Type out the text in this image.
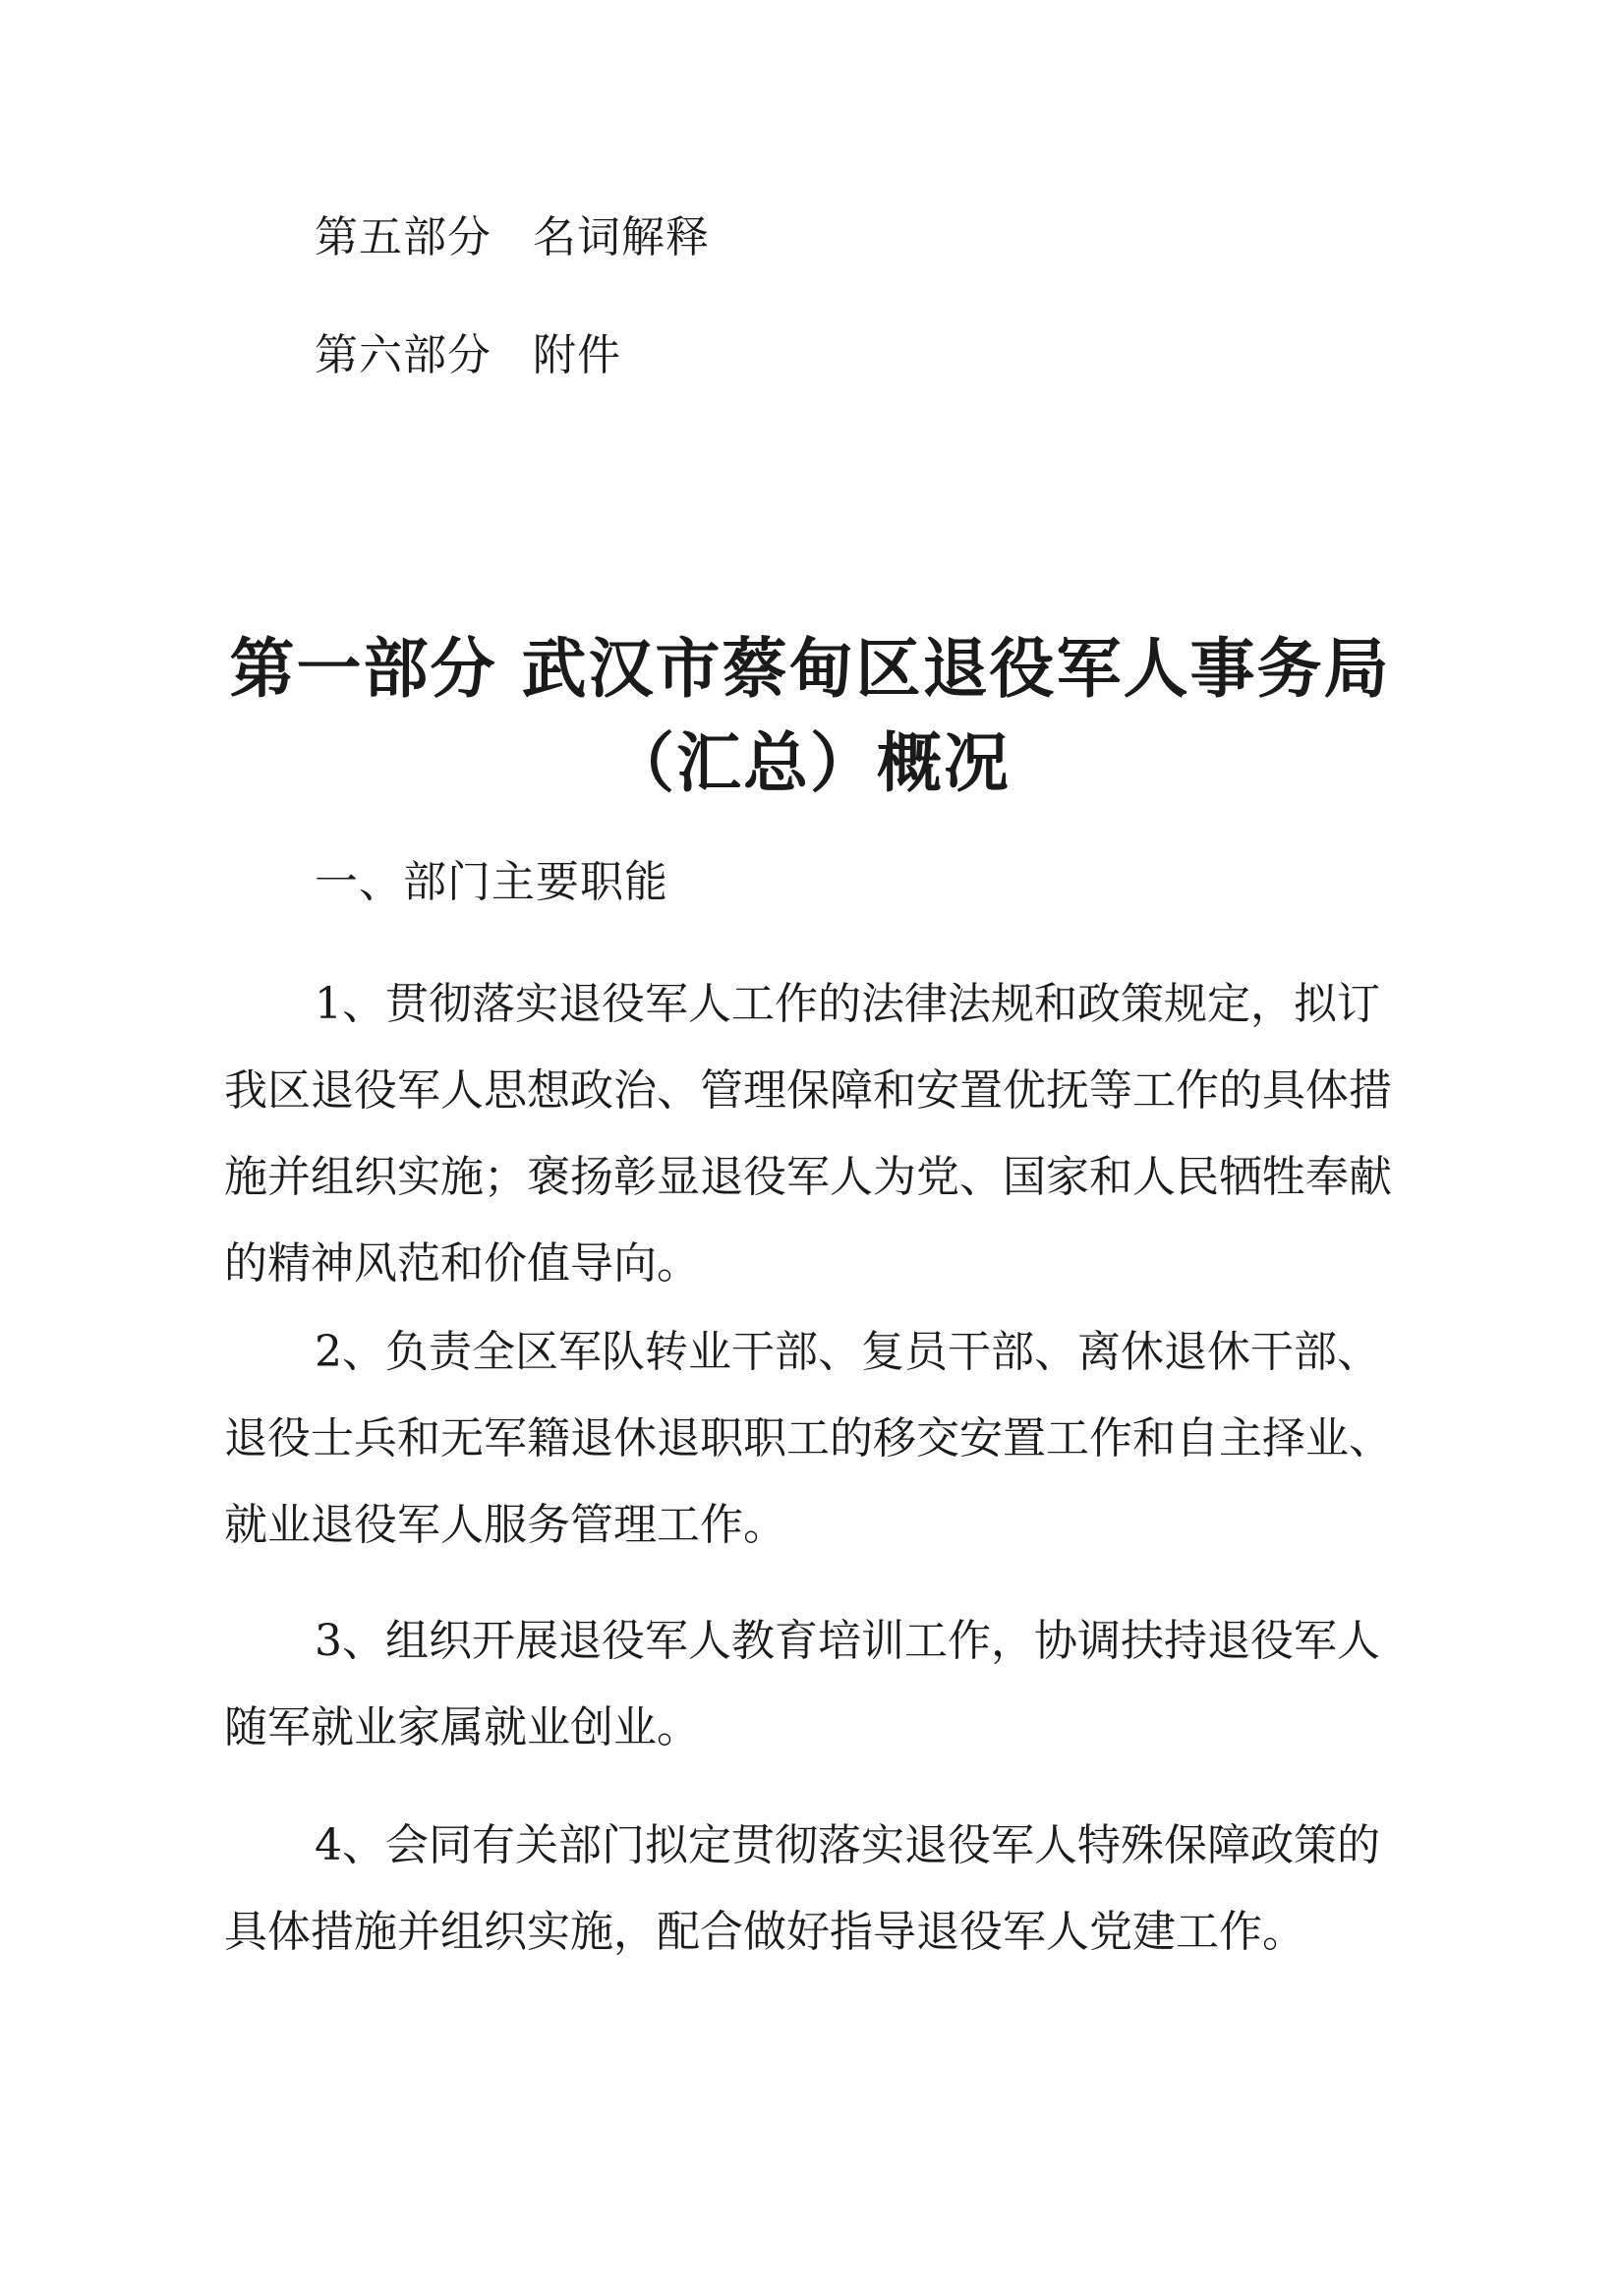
第五部分 名词解释
第六部分 附件
第一部分 武汉市蔡甸区退役军人事务局
（汇总）概况
一、部门主要职能
1、贯彻落实退役军人工作的法律法规和政策规定，拟订
我区退役军人思想政治、管理保障和安置优抚等工作的具体措
施并组织实施；褒扬彰显退役军人为党、国家和人民牺牲奉献
的精神风范和价值导向。
2、负责全区军队转业干部、复员干部、离休退休干部、
退役士兵和无军籍退休退职职工的移交安置工作和自主择业、
就业退役军人服务管理工作。
3、组织开展退役军人教育培训工作，协调扶持退役军人
随军就业家属就业创业。
4、会同有关部门拟定贯彻落实退役军人特殊保障政策的
具体措施并组织实施，配合做好指导退役军人党建工作。
